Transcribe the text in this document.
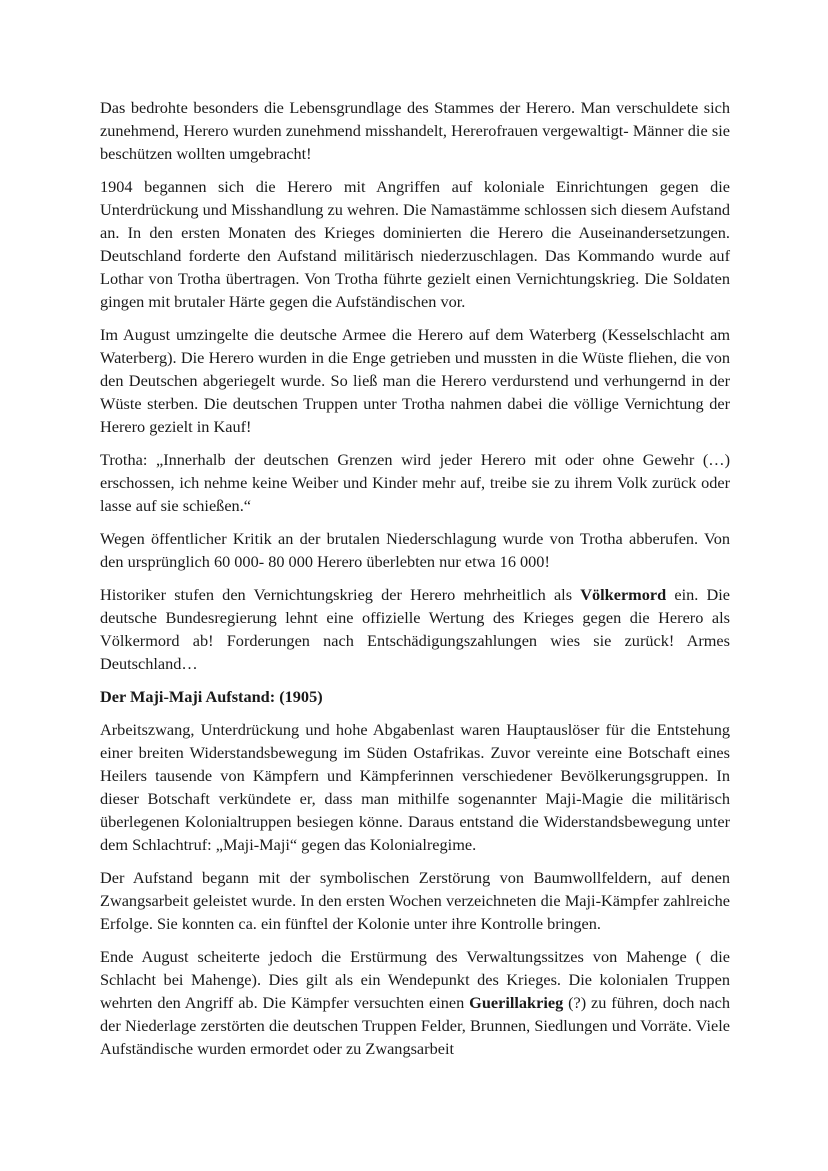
Das bedrohte besonders die Lebensgrundlage des Stammes der Herero. Man verschuldete sich zunehmend, Herero wurden zunehmend misshandelt, Hererofrauen vergewaltigt- Männer die sie beschützen wollten umgebracht!

1904 begannen sich die Herero mit Angriffen auf koloniale Einrichtungen gegen die Unterdrückung und Misshandlung zu wehren. Die Namastämme schlossen sich diesem Aufstand an. In den ersten Monaten des Krieges dominierten die Herero die Auseinandersetzungen. Deutschland forderte den Aufstand militärisch niederzuschlagen. Das Kommando wurde auf Lothar von Trotha übertragen. Von Trotha führte gezielt einen Vernichtungskrieg. Die Soldaten gingen mit brutaler Härte gegen die Aufständischen vor.

Im August umzingelte die deutsche Armee die Herero auf dem Waterberg (Kesselschlacht am Waterberg). Die Herero wurden in die Enge getrieben und mussten in die Wüste fliehen, die von den Deutschen abgeriegelt wurde. So ließ man die Herero verdurstend und verhungernd in der Wüste sterben. Die deutschen Truppen unter Trotha nahmen dabei die völlige Vernichtung der Herero gezielt in Kauf!

Trotha: „Innerhalb der deutschen Grenzen wird jeder Herero mit oder ohne Gewehr (…) erschossen, ich nehme keine Weiber und Kinder mehr auf, treibe sie zu ihrem Volk zurück oder lasse auf sie schießen.“

Wegen öffentlicher Kritik an der brutalen Niederschlagung wurde von Trotha abberufen. Von den ursprünglich 60 000- 80 000 Herero überlebten nur etwa 16 000!

Historiker stufen den Vernichtungskrieg der Herero mehrheitlich als Völkermord ein. Die deutsche Bundesregierung lehnt eine offizielle Wertung des Krieges gegen die Herero als Völkermord ab! Forderungen nach Entschädigungszahlungen wies sie zurück! Armes Deutschland…

Der Maji-Maji Aufstand: (1905)

Arbeitszwang, Unterdrückung und hohe Abgabenlast waren Hauptauslöser für die Entstehung einer breiten Widerstandsbewegung im Süden Ostafrikas. Zuvor vereinte eine Botschaft eines Heilers tausende von Kämpfern und Kämpferinnen verschiedener Bevölkerungsgruppen. In dieser Botschaft verkündete er, dass man mithilfe sogenannter Maji-Magie die militärisch überlegenen Kolonialtruppen besiegen könne. Daraus entstand die Widerstandsbewegung unter dem Schlachtruf: „Maji-Maji“ gegen das Kolonialregime.

Der Aufstand begann mit der symbolischen Zerstörung von Baumwollfeldern, auf denen Zwangsarbeit geleistet wurde. In den ersten Wochen verzeichneten die Maji-Kämpfer zahlreiche Erfolge. Sie konnten ca. ein fünftel der Kolonie unter ihre Kontrolle bringen.

Ende August scheiterte jedoch die Erstürmung des Verwaltungssitzes von Mahenge ( die Schlacht bei Mahenge). Dies gilt als ein Wendepunkt des Krieges. Die kolonialen Truppen wehrten den Angriff ab. Die Kämpfer versuchten einen Guerillakrieg (?) zu führen, doch nach der Niederlage zerstörten die deutschen Truppen Felder, Brunnen, Siedlungen und Vorräte. Viele Aufständische wurden ermordet oder zu Zwangsarbeit
